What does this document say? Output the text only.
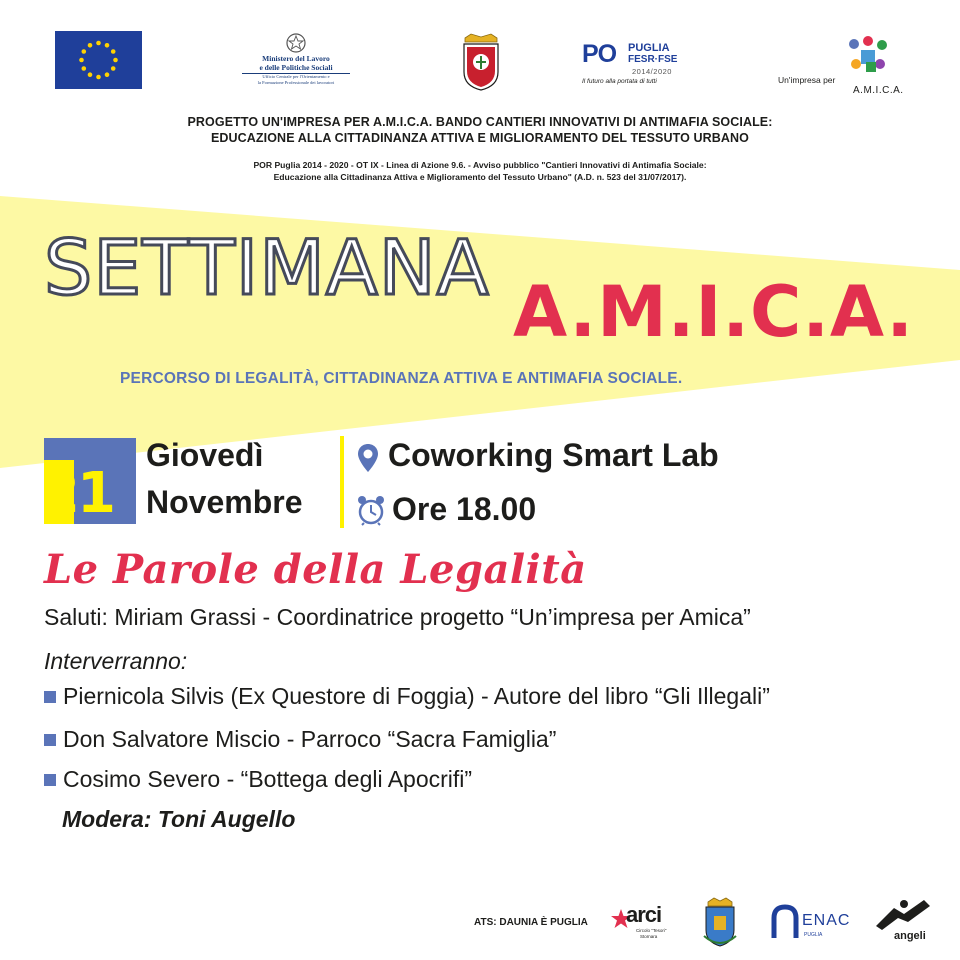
Ministero del Lavoro
e delle Politiche Sociali
Ufficio Centrale per l'Orientamento e
la Formazione Professionale dei lavoratori
PO PUGLIA
FESR·FSE
2014/2020
Il futuro alla portata di tutti	Un'impresa per
A.M.I.C.A.
PROGETTO UN'IMPRESA PER A.M.I.C.A. BANDO CANTIERI INNOVATIVI DI ANTIMAFIA SOCIALE:
EDUCAZIONE ALLA CITTADINANZA ATTIVA E MIGLIORAMENTO DEL TESSUTO URBANO
POR Puglia 2014 - 2020 - OT IX - Linea di Azione 9.6. - Avviso pubblico "Cantieri Innovativi di Antimafia Sociale:
Educazione alla Cittadinanza Attiva e Miglioramento del Tessuto Urbano" (A.D. n. 523 del 31/07/2017).
SETTIMANA A.M.I.C.A.
PERCORSO DI LEGALITÀ, CITTADINANZA ATTIVA E ANTIMAFIA SOCIALE.
21
Giovedì
Novembre
Coworking Smart Lab
Ore 18.00
Le Parole della Legalità
Saluti: Miriam Grassi - Coordinatrice progetto “Un’impresa per Amica”
Interverranno:
Piernicola Silvis (Ex Questore di Foggia) - Autore del libro “Gli Illegali”
Don Salvatore Miscio - Parroco “Sacra Famiglia”
Cosimo Severo - “Bottega degli Apocrifi”
Modera: Toni Augello
ATS: DAUNIA È PUGLIA arci
Circolo "Tesori"
Stornara
ENAC
PUGLIA	angeli
